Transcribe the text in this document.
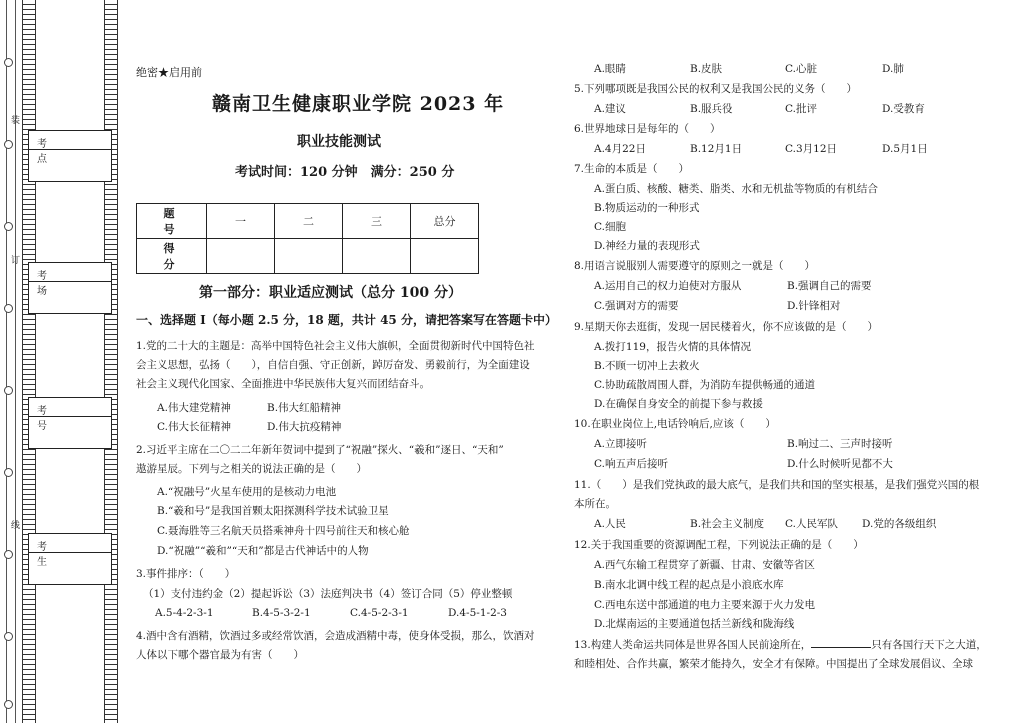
装
订
线
考　点
考　场
考　号
考　生
绝密★启用前
赣南卫生健康职业学院 2023 年
职业技能测试
考试时间：120 分钟　满分：250 分
题　号	一	二	三	总分
得　分				
第一部分：职业适应测试（总分 100 分）
一、选择题 I（每小题 2.5 分，18 题，共计 45 分，请把答案写在答题卡中）
1.党的二十大的主题是：高举中国特色社会主义伟大旗帜，全面贯彻新时代中国特色社
会主义思想，弘扬（　　），自信自强、守正创新，踔厉奋发、勇毅前行，为全面建设
社会主义现代化国家、全面推进中华民族伟大复兴而团结奋斗。
A.伟大建党精神	B.伟大红船精神
C.伟大长征精神	D.伟大抗疫精神
2.习近平主席在二〇二二年新年贺词中提到了“祝融”探火、“羲和”逐日、“天和”
遨游星辰。下列与之相关的说法正确的是（　　）
A.“祝融号”火星车使用的是核动力电池
B.“羲和号”是我国首颗太阳探测科学技术试验卫星
C.聂海胜等三名航天员搭乘神舟十四号前往天和核心舱
D.“祝融”“羲和”“天和”都是古代神话中的人物
3.事件排序：（　　）
（1）支付违约金（2）提起诉讼（3）法庭判决书（4）签订合同（5）停业整顿
A.5-4-2-3-1	B.4-5-3-2-1	C.4-5-2-3-1	D.4-5-1-2-3
4.酒中含有酒精，饮酒过多或经常饮酒，会造成酒精中毒，使身体受损，那么，饮酒对
人体以下哪个器官最为有害（　　）
A.眼睛	B.皮肤	C.心脏	D.肺
5.下列哪项既是我国公民的权利又是我国公民的义务（　　）
A.建议	B.服兵役	C.批评	D.受教育
6.世界地球日是每年的（　　）
A.4月22日	B.12月1日	C.3月12日	D.5月1日
7.生命的本质是（　　）
A.蛋白质、核酸、糖类、脂类、水和无机盐等物质的有机结合
B.物质运动的一种形式
C.细胞
D.神经力量的表现形式
8.用语言说服别人需要遵守的原则之一就是（　　）
A.运用自己的权力迫使对方服从	B.强调自己的需要
C.强调对方的需要	D.针锋相对
9.星期天你去逛街，发现一居民楼着火，你不应该做的是（　　）
A.拨打119，报告火情的具体情况
B.不顾一切冲上去救火
C.协助疏散周围人群，为消防车提供畅通的通道
D.在确保自身安全的前提下参与救援
10.在职业岗位上,电话铃响后,应该（　　）
A.立即接听	B.响过二、三声时接听
C.响五声后接听	D.什么时候听见都不大
11.（　　）是我们党执政的最大底气，是我们共和国的坚实根基，是我们强党兴国的根
本所在。
A.人民	B.社会主义制度 C.人民军队 D.党的各级组织
12.关于我国重要的资源调配工程，下列说法正确的是（　　）
A.西气东输工程贯穿了新疆、甘肃、安徽等省区
B.南水北调中线工程的起点是小浪底水库
C.西电东送中部通道的电力主要来源于火力发电
D.北煤南运的主要通道包括兰新线和陇海线
13.构建人类命运共同体是世界各国人民前途所在，	只有各国行天下之大道，
和睦相处、合作共赢，繁荣才能持久，安全才有保障。中国提出了全球发展倡议、全球
